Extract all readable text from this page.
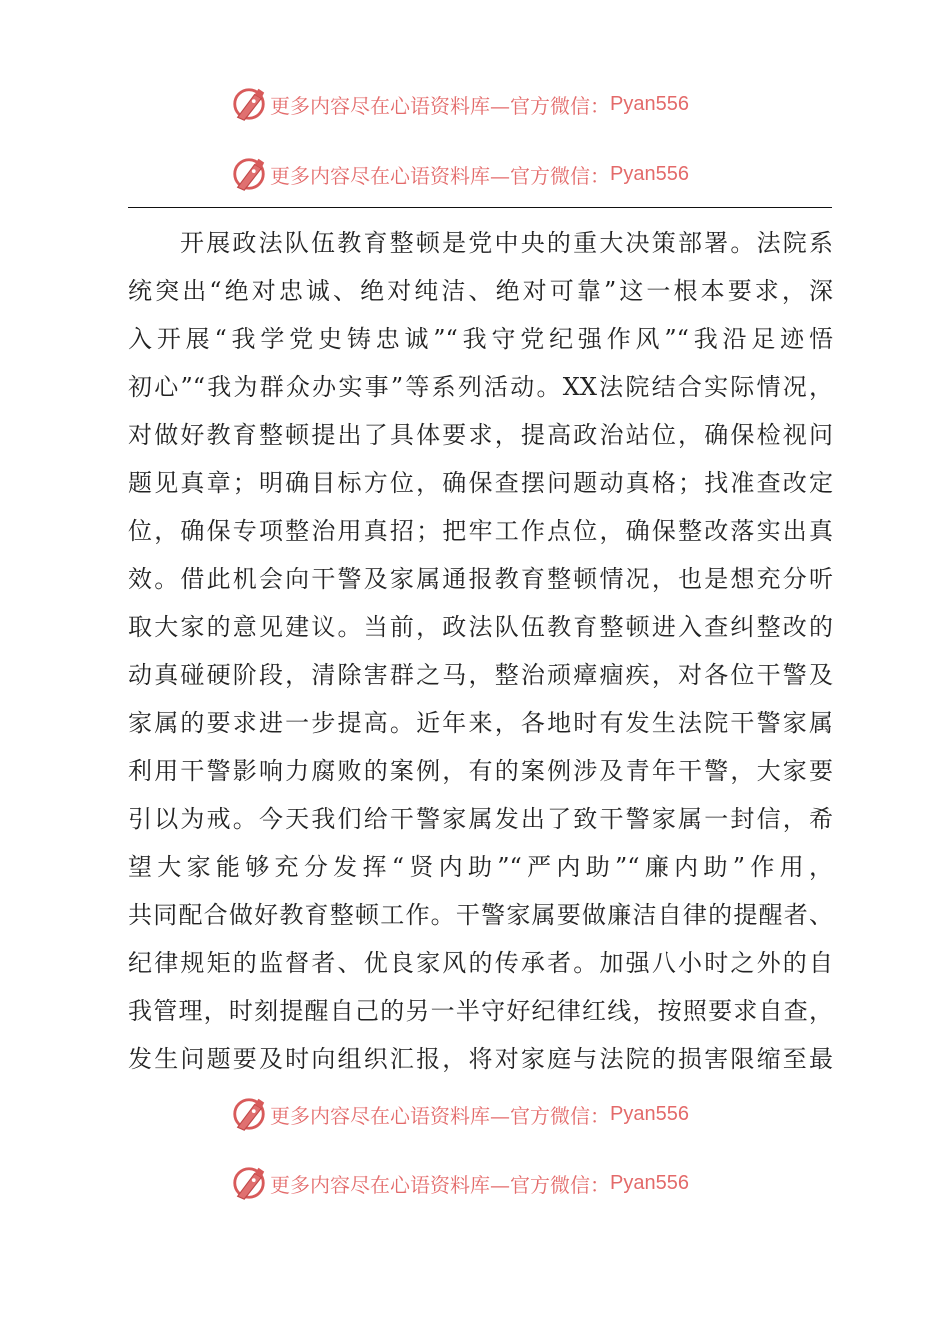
更多内容尽在心语资料库—官方微信： Pyan556
更多内容尽在心语资料库—官方微信： Pyan556
开展政法队伍教育整顿是党中央的重大决策部署。法院系
统突出“绝对忠诚、绝对纯洁、绝对可靠”这一根本要求，深
入开展“我学党史铸忠诚”“我守党纪强作风”“我沿足迹悟
初心”“我为群众办实事”等系列活动。XX法院结合实际情况，
对做好教育整顿提出了具体要求，提高政治站位，确保检视问
题见真章；明确目标方位，确保查摆问题动真格；找准查改定
位，确保专项整治用真招；把牢工作点位，确保整改落实出真
效。借此机会向干警及家属通报教育整顿情况，也是想充分听
取大家的意见建议。当前，政法队伍教育整顿进入查纠整改的
动真碰硬阶段，清除害群之马，整治顽瘴痼疾，对各位干警及
家属的要求进一步提高。近年来，各地时有发生法院干警家属
利用干警影响力腐败的案例，有的案例涉及青年干警，大家要
引以为戒。今天我们给干警家属发出了致干警家属一封信，希
望大家能够充分发挥“贤内助”“严内助”“廉内助”作用，
共同配合做好教育整顿工作。干警家属要做廉洁自律的提醒者、
纪律规矩的监督者、优良家风的传承者。加强八小时之外的自
我管理，时刻提醒自己的另一半守好纪律红线，按照要求自查，
发生问题要及时向组织汇报，将对家庭与法院的损害限缩至最
更多内容尽在心语资料库—官方微信： Pyan556
更多内容尽在心语资料库—官方微信： Pyan556
